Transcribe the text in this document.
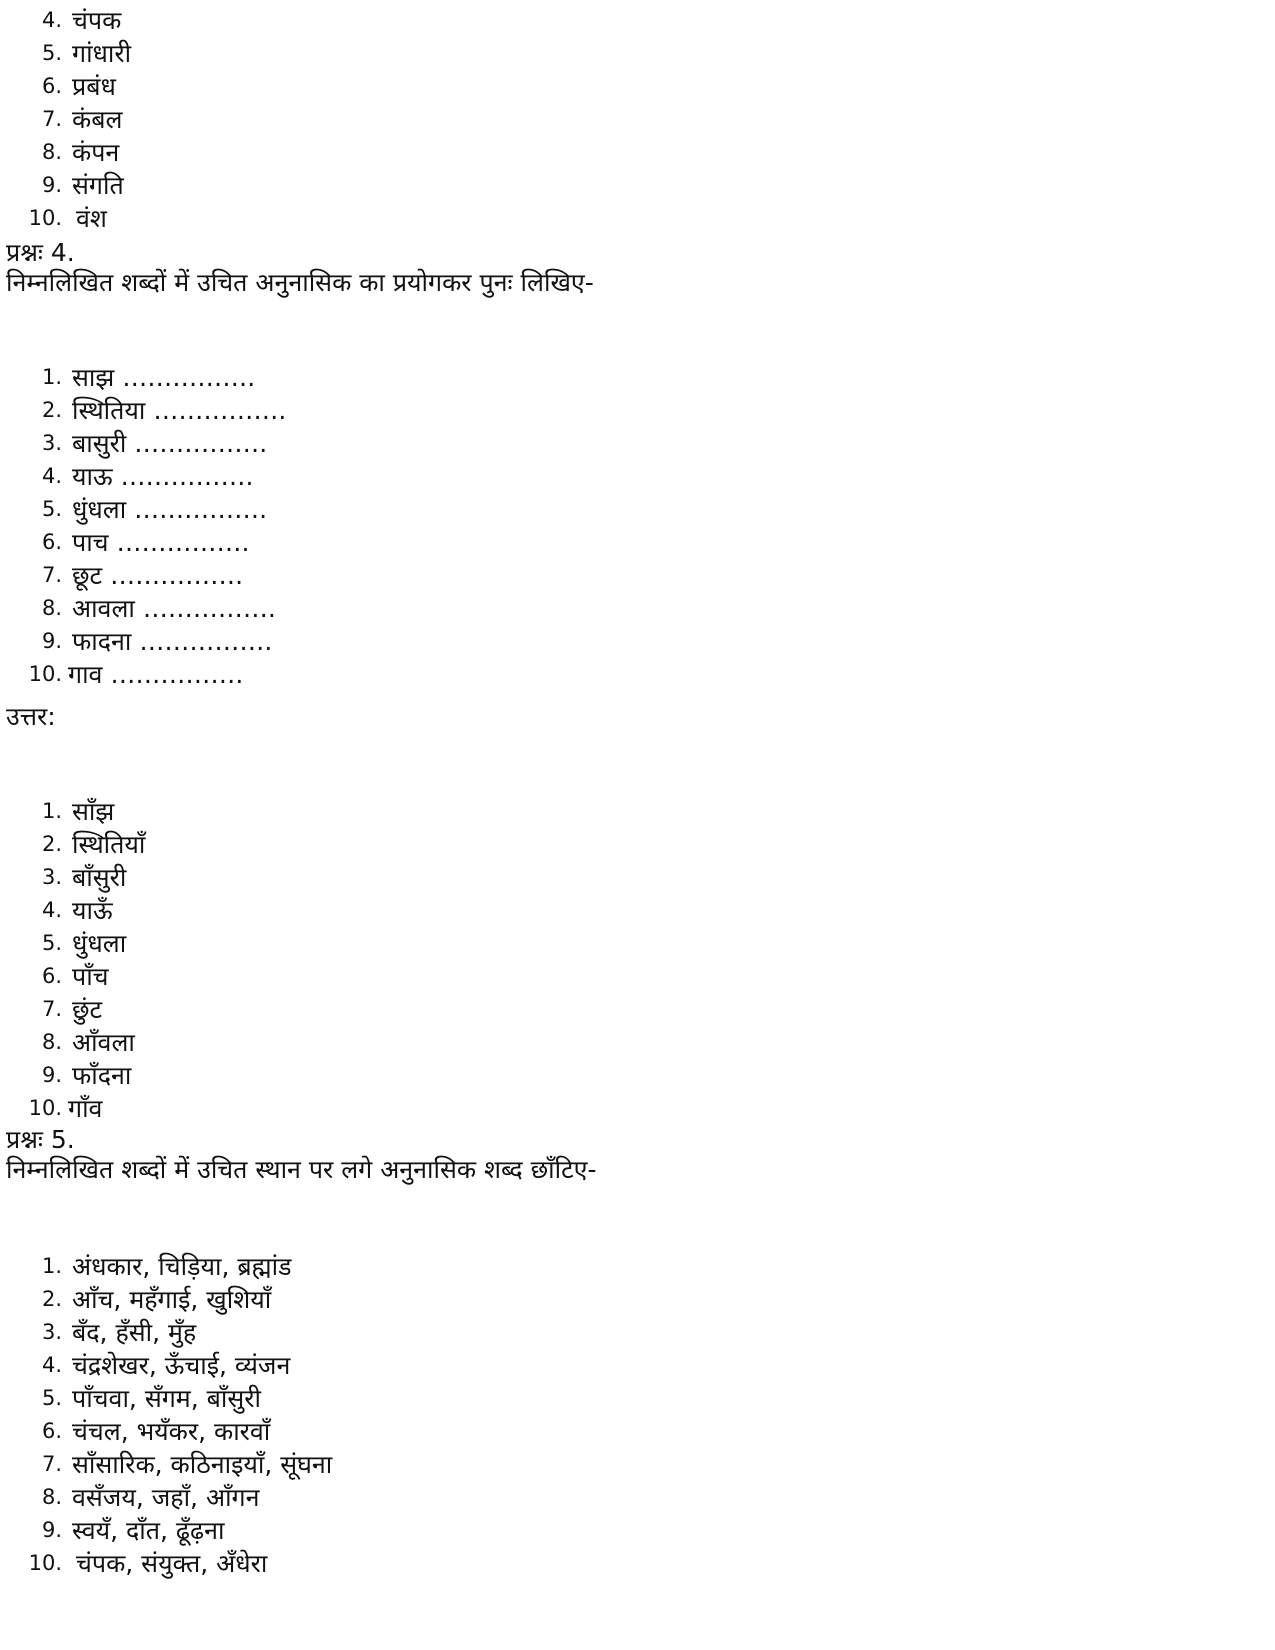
4. चंपक
5. गांधारी
6. प्रबंध
7. कंबल
8. कंपन
9. संगति
10. वंश
प्रश्नः 4.
निम्नलिखित शब्दों में उचित अनुनासिक का प्रयोगकर पुनः लिखिए-
1. साझ …………….
2. स्थितिया …………….
3. बासुरी …………….
4. याऊ …………….
5. धुंधला …………….
6. पाच …………….
7. छूट …………….
8. आवला …………….
9. फादना …………….
10. गाव …………….
उत्तर:
1. साँझ
2. स्थितियाँ
3. बाँसुरी
4. याऊँ
5. धुंधला
6. पाँच
7. छुंट
8. आँवला
9. फाँदना
10. गाँव
प्रश्नः 5.
निम्नलिखित शब्दों में उचित स्थान पर लगे अनुनासिक शब्द छाँटिए-
1. अंधकार, चिड़िया, ब्रह्मांड
2. आँच, महँगाई, खुशियाँ
3. बँद, हँसी, मुँह
4. चंद्रशेखर, ऊँचाई, व्यंजन
5. पाँचवा, सँगम, बाँसुरी
6. चंचल, भयँकर, कारवाँ
7. साँसारिक, कठिनाइयाँ, सूंघना
8. वसँजय, जहाँ, आँगन
9. स्वयँ, दाँत, ढूँढ़ना
10. चंपक, संयुक्त, अँधेरा
